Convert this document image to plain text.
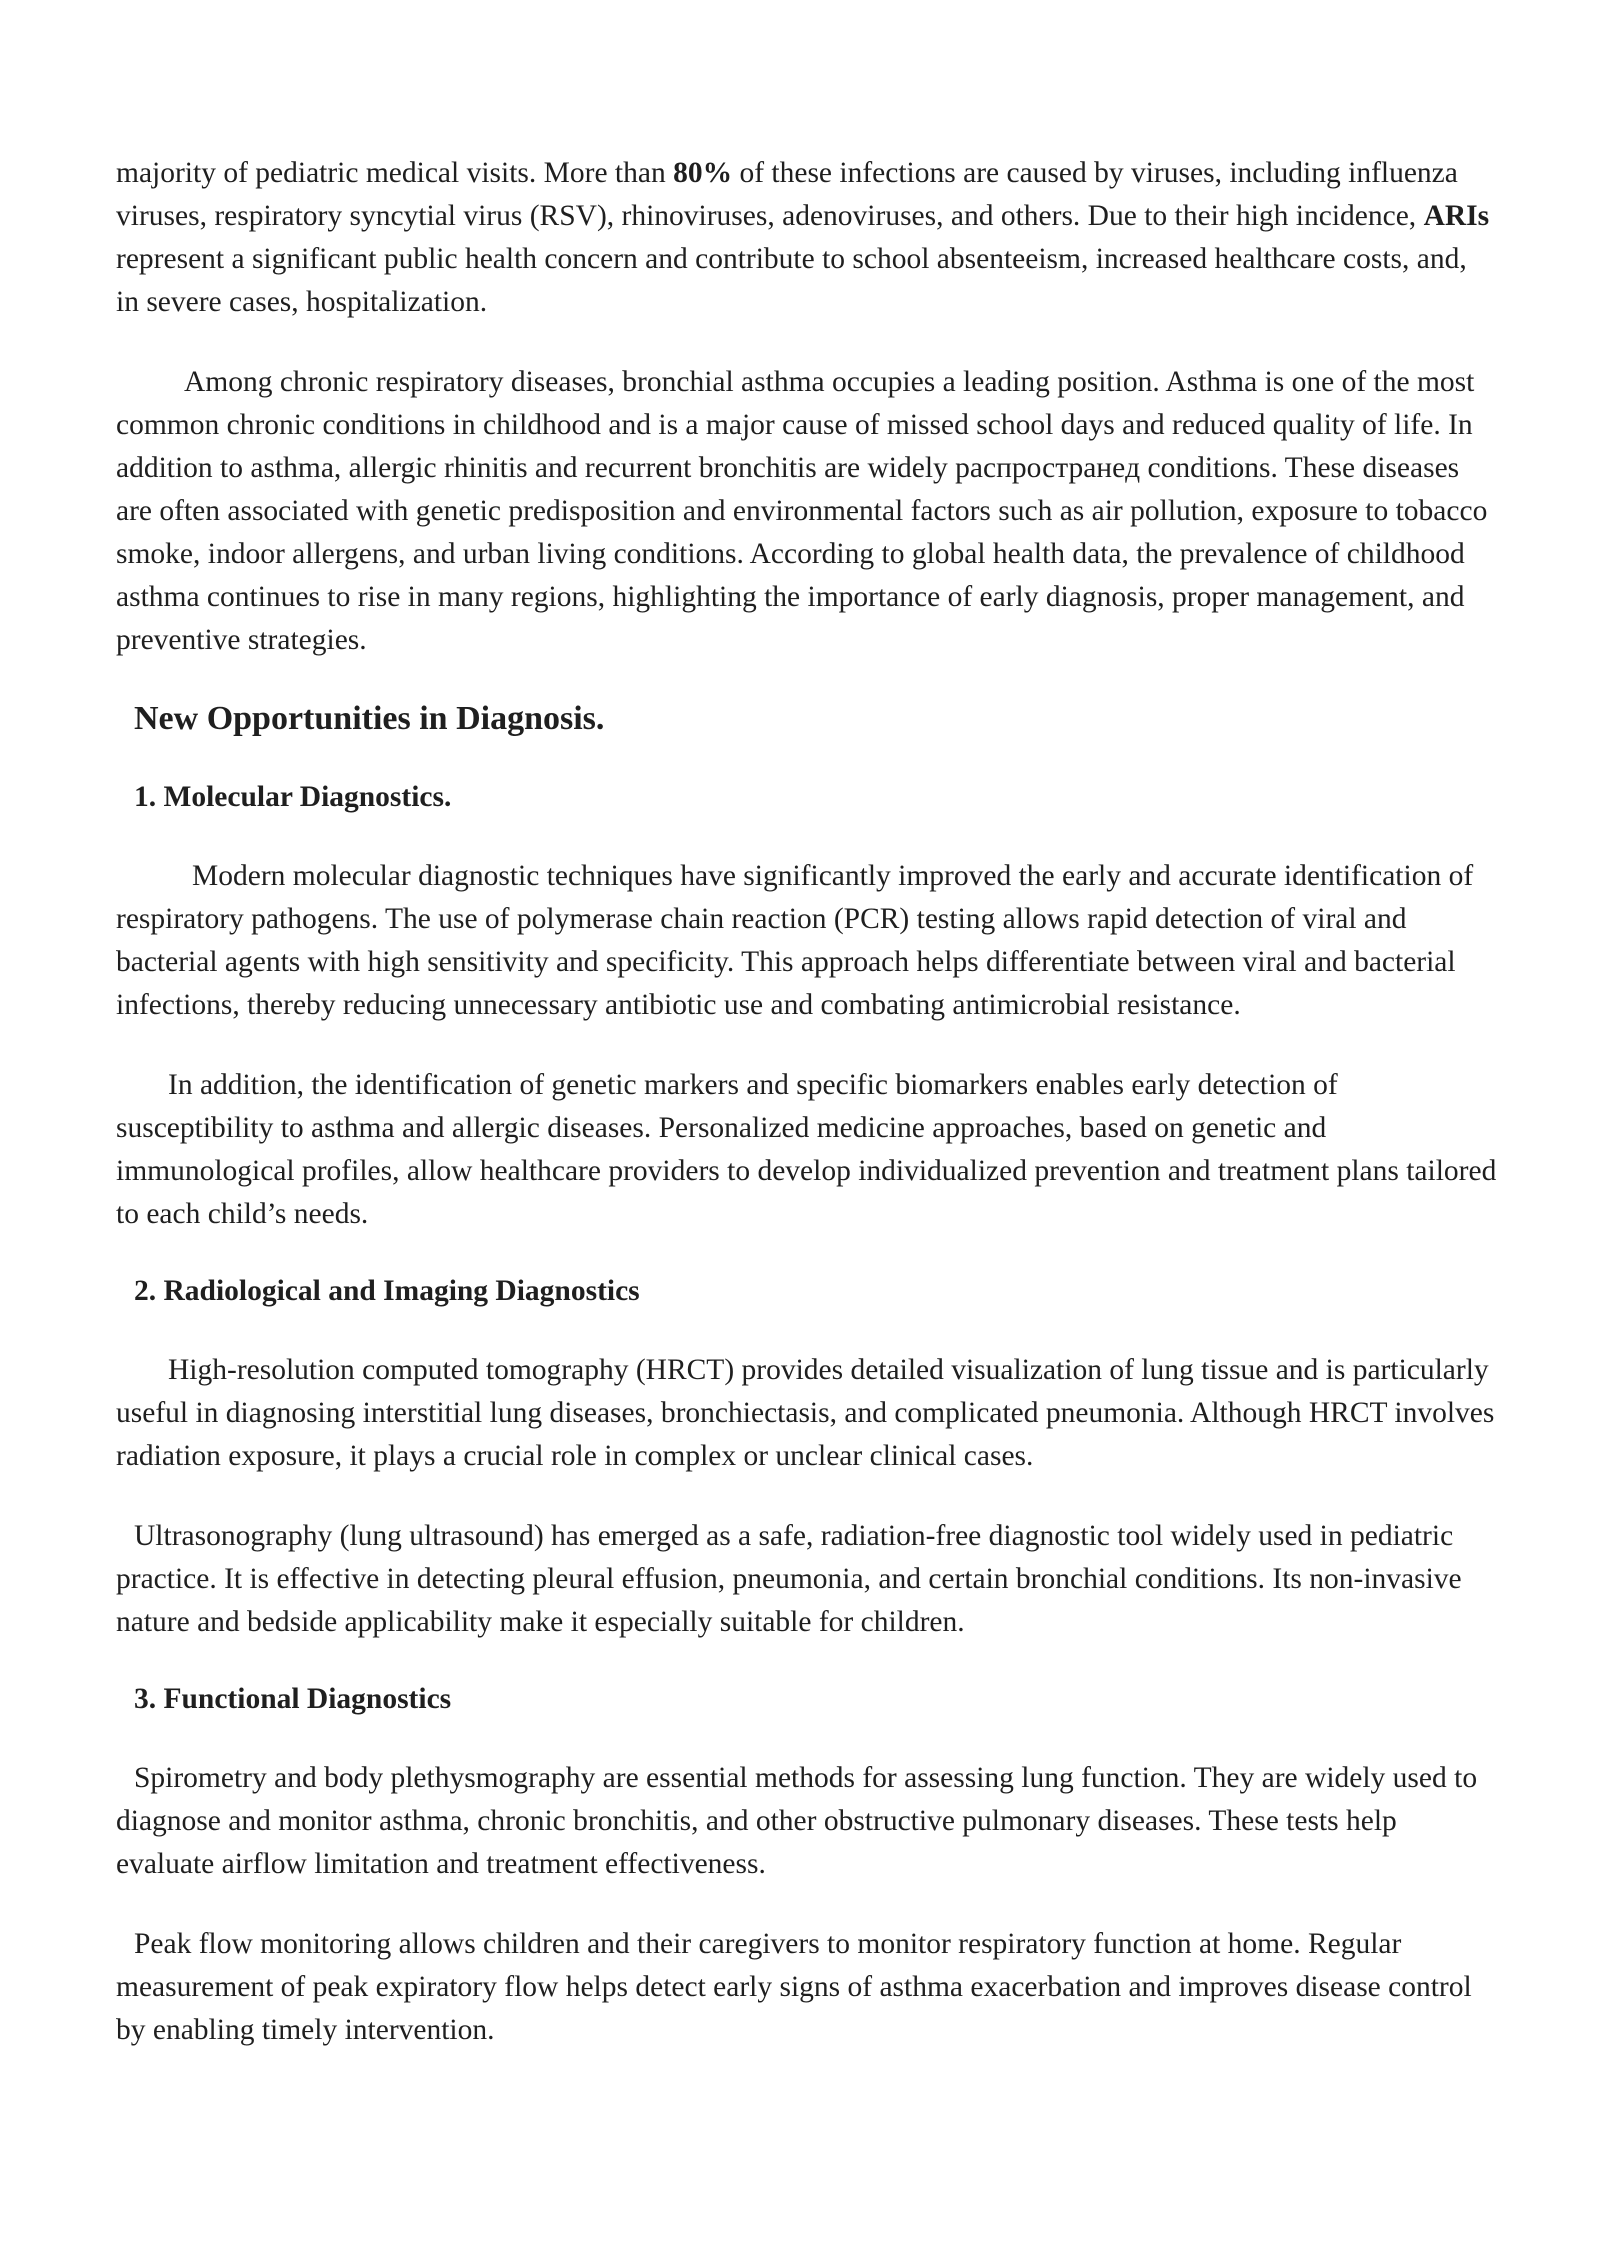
majority of pediatric medical visits. More than 80% of these infections are caused by viruses, including influenza viruses, respiratory syncytial virus (RSV), rhinoviruses, adenoviruses, and others. Due to their high incidence, ARIs represent a significant public health concern and contribute to school absenteeism, increased healthcare costs, and, in severe cases, hospitalization.

Among chronic respiratory diseases, bronchial asthma occupies a leading position. Asthma is one of the most common chronic conditions in childhood and is a major cause of missed school days and reduced quality of life. In addition to asthma, allergic rhinitis and recurrent bronchitis are widely распространeд conditions. These diseases are often associated with genetic predisposition and environmental factors such as air pollution, exposure to tobacco smoke, indoor allergens, and urban living conditions. According to global health data, the prevalence of childhood asthma continues to rise in many regions, highlighting the importance of early diagnosis, proper management, and preventive strategies.

New Opportunities in Diagnosis.
1. Molecular Diagnostics.

Modern molecular diagnostic techniques have significantly improved the early and accurate identification of respiratory pathogens. The use of polymerase chain reaction (PCR) testing allows rapid detection of viral and bacterial agents with high sensitivity and specificity. This approach helps differentiate between viral and bacterial infections, thereby reducing unnecessary antibiotic use and combating antimicrobial resistance.

In addition, the identification of genetic markers and specific biomarkers enables early detection of susceptibility to asthma and allergic diseases. Personalized medicine approaches, based on genetic and immunological profiles, allow healthcare providers to develop individualized prevention and treatment plans tailored to each child’s needs.

2. Radiological and Imaging Diagnostics

High-resolution computed tomography (HRCT) provides detailed visualization of lung tissue and is particularly useful in diagnosing interstitial lung diseases, bronchiectasis, and complicated pneumonia. Although HRCT involves radiation exposure, it plays a crucial role in complex or unclear clinical cases.

Ultrasonography (lung ultrasound) has emerged as a safe, radiation-free diagnostic tool widely used in pediatric practice. It is effective in detecting pleural effusion, pneumonia, and certain bronchial conditions. Its non-invasive nature and bedside applicability make it especially suitable for children.

3. Functional Diagnostics

Spirometry and body plethysmography are essential methods for assessing lung function. They are widely used to diagnose and monitor asthma, chronic bronchitis, and other obstructive pulmonary diseases. These tests help evaluate airflow limitation and treatment effectiveness.

Peak flow monitoring allows children and their caregivers to monitor respiratory function at home. Regular measurement of peak expiratory flow helps detect early signs of asthma exacerbation and improves disease control by enabling timely intervention.
